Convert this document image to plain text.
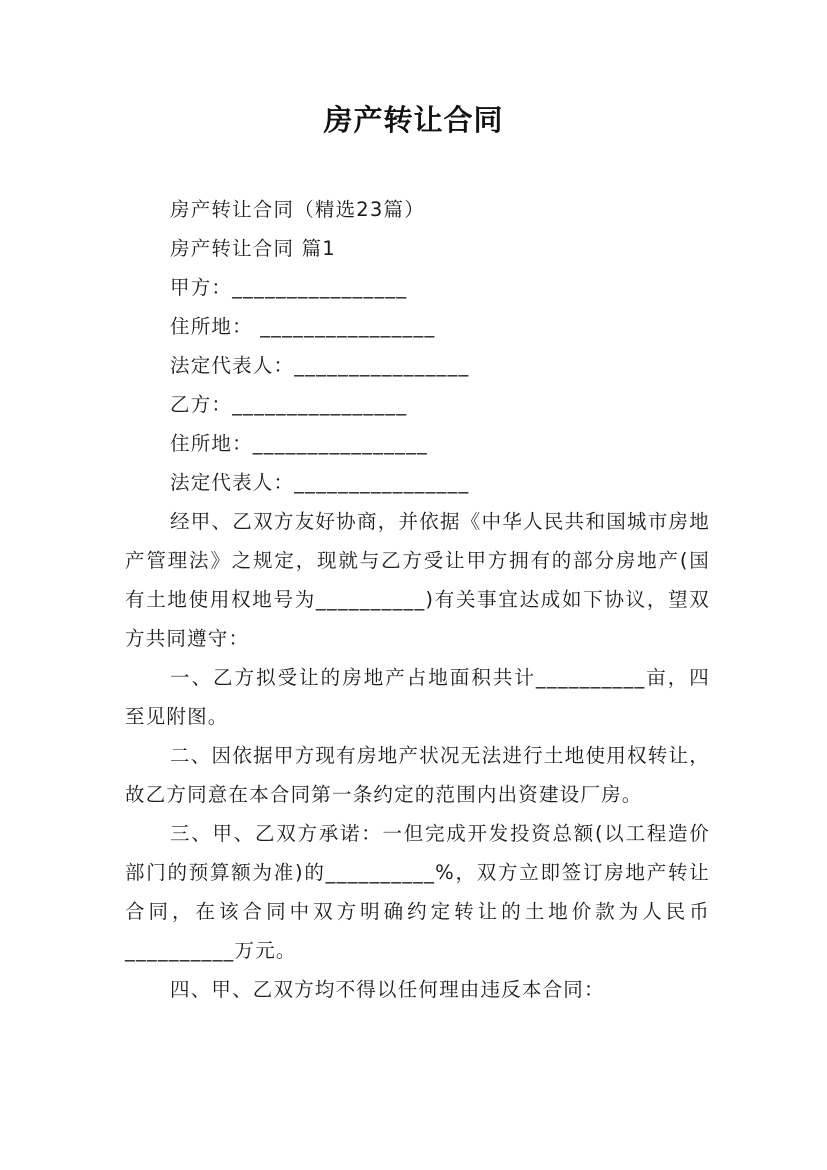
房产转让合同

房产转让合同（精选23篇）

房产转让合同 篇1

甲方：________________

住所地： ________________

法定代表人：________________

乙方：________________

住所地：________________

法定代表人：________________

经甲、乙双方友好协商，并依据《中华人民共和国城市房地产管理法》之规定，现就与乙方受让甲方拥有的部分房地产(国有土地使用权地号为__________)有关事宜达成如下协议，望双方共同遵守：

一、乙方拟受让的房地产占地面积共计__________亩，四至见附图。

二、因依据甲方现有房地产状况无法进行土地使用权转让， 故乙方同意在本合同第一条约定的范围内出资建设厂房。

三、甲、乙双方承诺：一但完成开发投资总额(以工程造价部门的预算额为准)的__________%，双方立即签订房地产转让合同，在该合同中双方明确约定转让的土地价款为人民币__________万元。

四、甲、乙双方均不得以任何理由违反本合同：
